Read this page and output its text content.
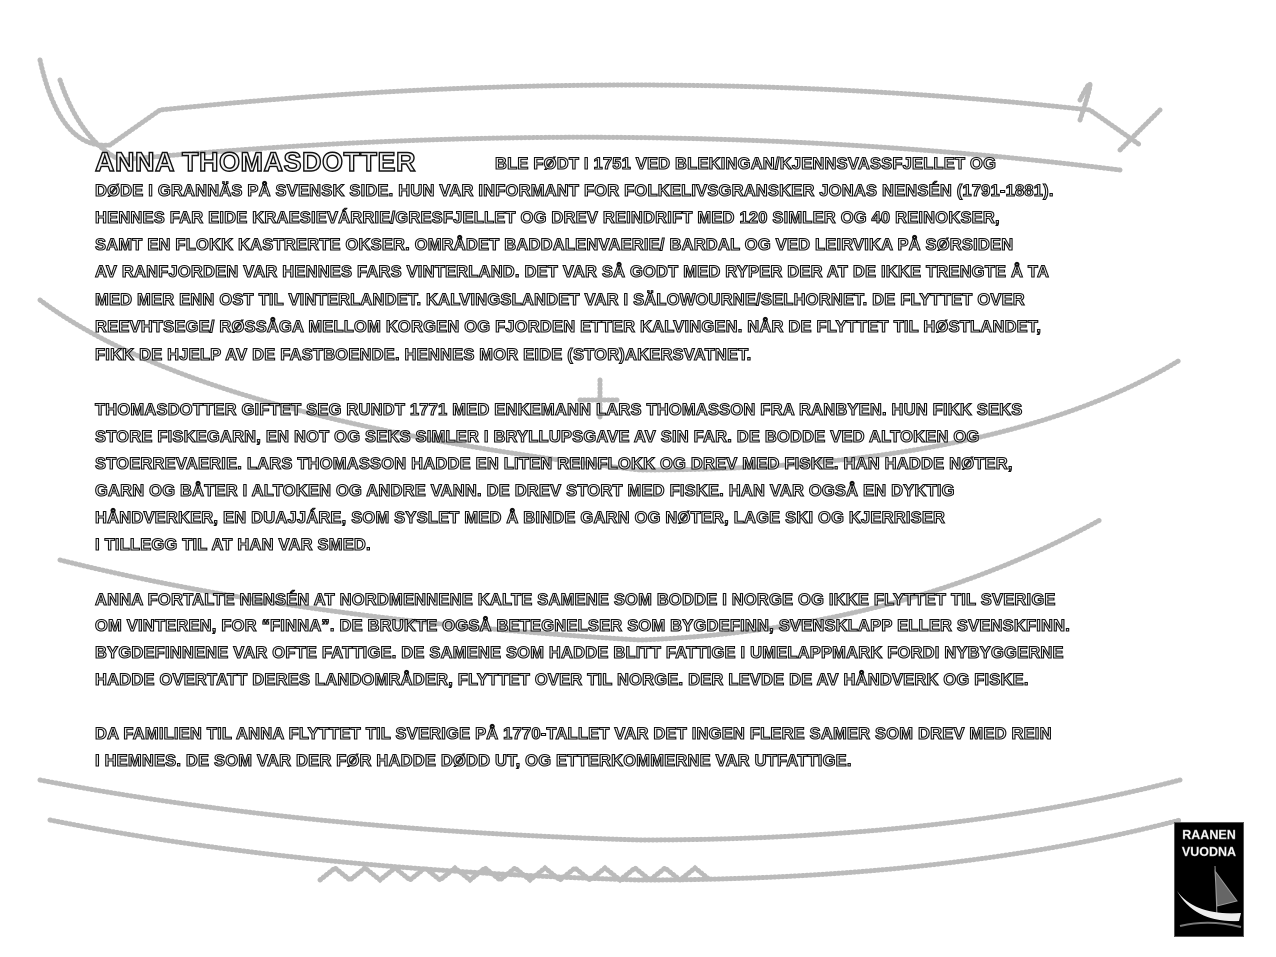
ANNA THOMASDOTTER	BLE FØDT I 1751 VED BLEKINGAN/KJENNSVASSFJELLET OG
DØDE I GRANNÄS PÅ SVENSK SIDE. HUN VAR INFORMANT FOR FOLKELIVSGRANSKER JONAS NENSÉN (1791-1881).
HENNES FAR EIDE KRAESIEVÁRRIE/GRESFJELLET OG DREV REINDRIFT MED 120 SIMLER OG 40 REINOKSER,
SAMT EN FLOKK KASTRERTE OKSER. OMRÅDET BADDALENVAERIE/ BARDAL OG VED LEIRVIKA PÅ SØRSIDEN
AV RANFJORDEN VAR HENNES FARS VINTERLAND. DET VAR SÅ GODT MED RYPER DER AT DE IKKE TRENGTE Å TA
MED MER ENN OST TIL VINTERLANDET. KALVINGSLANDET VAR I SÄLOWOURNE/SELHORNET. DE FLYTTET OVER
REEVHTSEGE/ RØSSÅGA MELLOM KORGEN OG FJORDEN ETTER KALVINGEN. NÅR DE FLYTTET TIL HØSTLANDET,
FIKK DE HJELP AV DE FASTBOENDE. HENNES MOR EIDE (STOR)AKERSVATNET.
THOMASDOTTER GIFTET SEG RUNDT 1771 MED ENKEMANN LARS THOMASSON FRA RANBYEN. HUN FIKK SEKS
STORE FISKEGARN, EN NOT OG SEKS SIMLER I BRYLLUPSGAVE AV SIN FAR. DE BODDE VED ALTOKEN OG
STOERREVAERIE. LARS THOMASSON HADDE EN LITEN REINFLOKK OG DREV MED FISKE. HAN HADDE NØTER,
GARN OG BÅTER I ALTOKEN OG ANDRE VANN. DE DREV STORT MED FISKE. HAN VAR OGSÅ EN DYKTIG
HÅNDVERKER, EN DUAJJÁRE, SOM SYSLET MED Å BINDE GARN OG NØTER, LAGE SKI OG KJERRISER
I TILLEGG TIL AT HAN VAR SMED.
ANNA FORTALTE NENSÉN AT NORDMENNENE KALTE SAMENE SOM BODDE I NORGE OG IKKE FLYTTET TIL SVERIGE
OM VINTEREN, FOR “FINNA”. DE BRUKTE OGSÅ BETEGNELSER SOM BYGDEFINN, SVENSKLAPP ELLER SVENSKFINN.
BYGDEFINNENE VAR OFTE FATTIGE. DE SAMENE SOM HADDE BLITT FATTIGE I UMELAPPMARK FORDI NYBYGGERNE
HADDE OVERTATT DERES LANDOMRÅDER, FLYTTET OVER TIL NORGE. DER LEVDE DE AV HÅNDVERK OG FISKE.
DA FAMILIEN TIL ANNA FLYTTET TIL SVERIGE PÅ 1770-TALLET VAR DET INGEN FLERE SAMER SOM DREV MED REIN
I HEMNES. DE SOM VAR DER FØR HADDE DØDD UT, OG ETTERKOMMERNE VAR UTFATTIGE.
RAANEN
VUODNA
